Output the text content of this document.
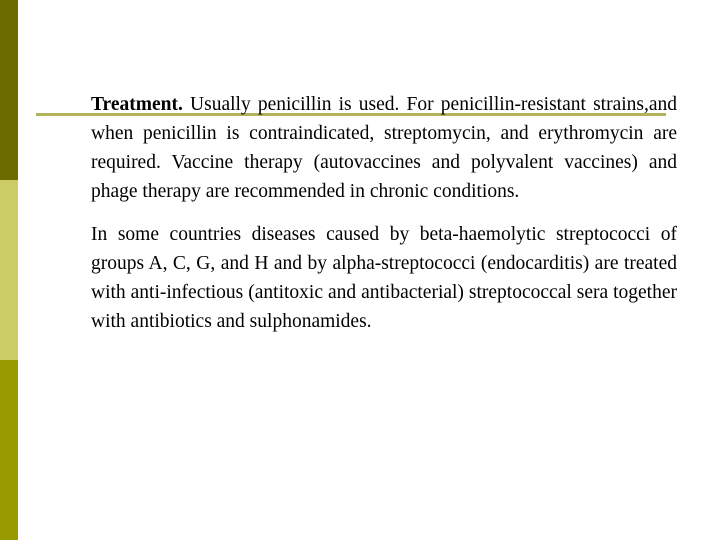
Treatment. Usually penicillin is used. For penicillin-resistant strains,and when penicillin is contraindicated, streptomycin, and erythromycin are required. Vaccine therapy (autovaccines and polyvalent vaccines) and phage therapy are recommended in chronic conditions.

In some countries diseases caused by beta-haemolytic streptococci of groups A, C, G, and H and by alpha-streptococci (endocarditis) are treated with anti-infectious (antitoxic and antibacterial) streptococcal sera together with antibiotics and sulphonamides.
